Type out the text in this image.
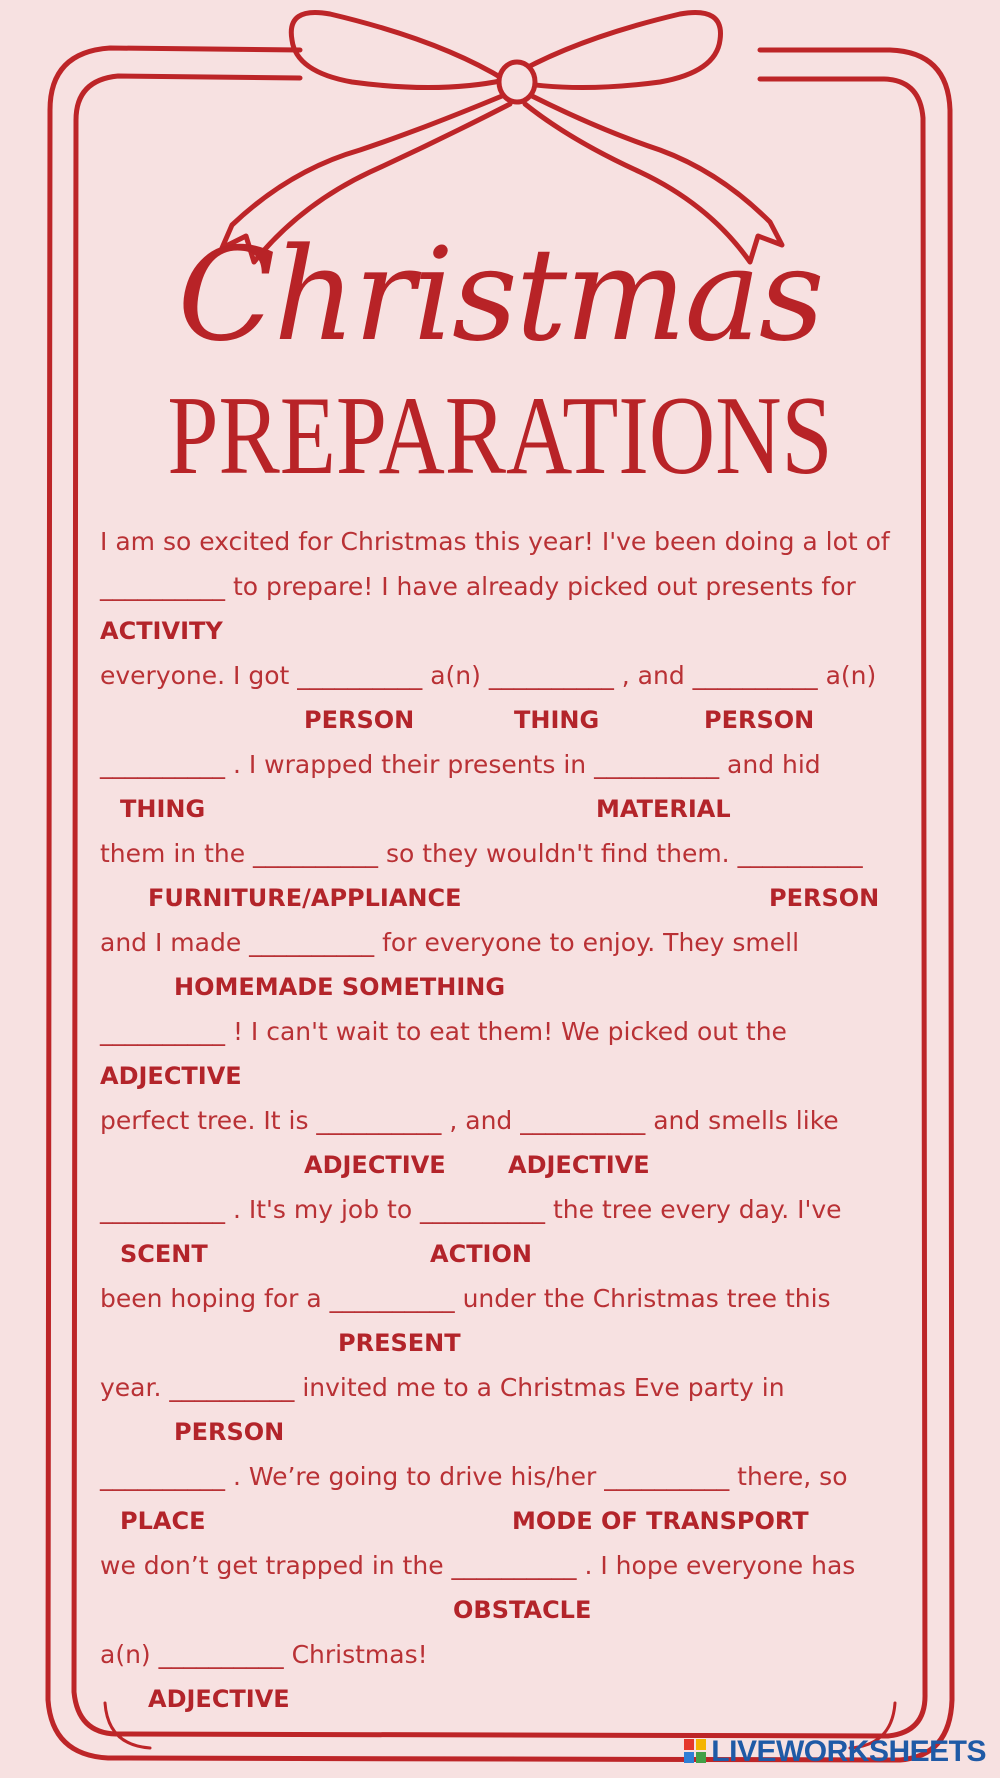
Christmas
PREPARATIONS
I am so excited for Christmas this year! I've been doing a lot of
__________ to prepare! I have already picked out presents for
ACTIVITY
everyone. I got __________ a(n) __________ , and __________ a(n)
PERSON	THING	PERSON
__________ . I wrapped their presents in __________ and hid
THING	MATERIAL
them in the __________ so they wouldn't find them. __________
FURNITURE/APPLIANCE	PERSON
and I made __________ for everyone to enjoy. They smell
HOMEMADE SOMETHING
__________ ! I can't wait to eat them! We picked out the
ADJECTIVE
perfect tree. It is __________ , and __________ and smells like
ADJECTIVE	ADJECTIVE
__________ . It's my job to __________ the tree every day. I've
SCENT	ACTION
been hoping for a __________ under the Christmas tree this
PRESENT
year. __________ invited me to a Christmas Eve party in
PERSON
__________ . We’re going to drive his/her __________ there, so
PLACE	MODE OF TRANSPORT
we don’t get trapped in the __________ . I hope everyone has
OBSTACLE
a(n) __________ Christmas!
ADJECTIVE
LIVEWORKSHEETS
